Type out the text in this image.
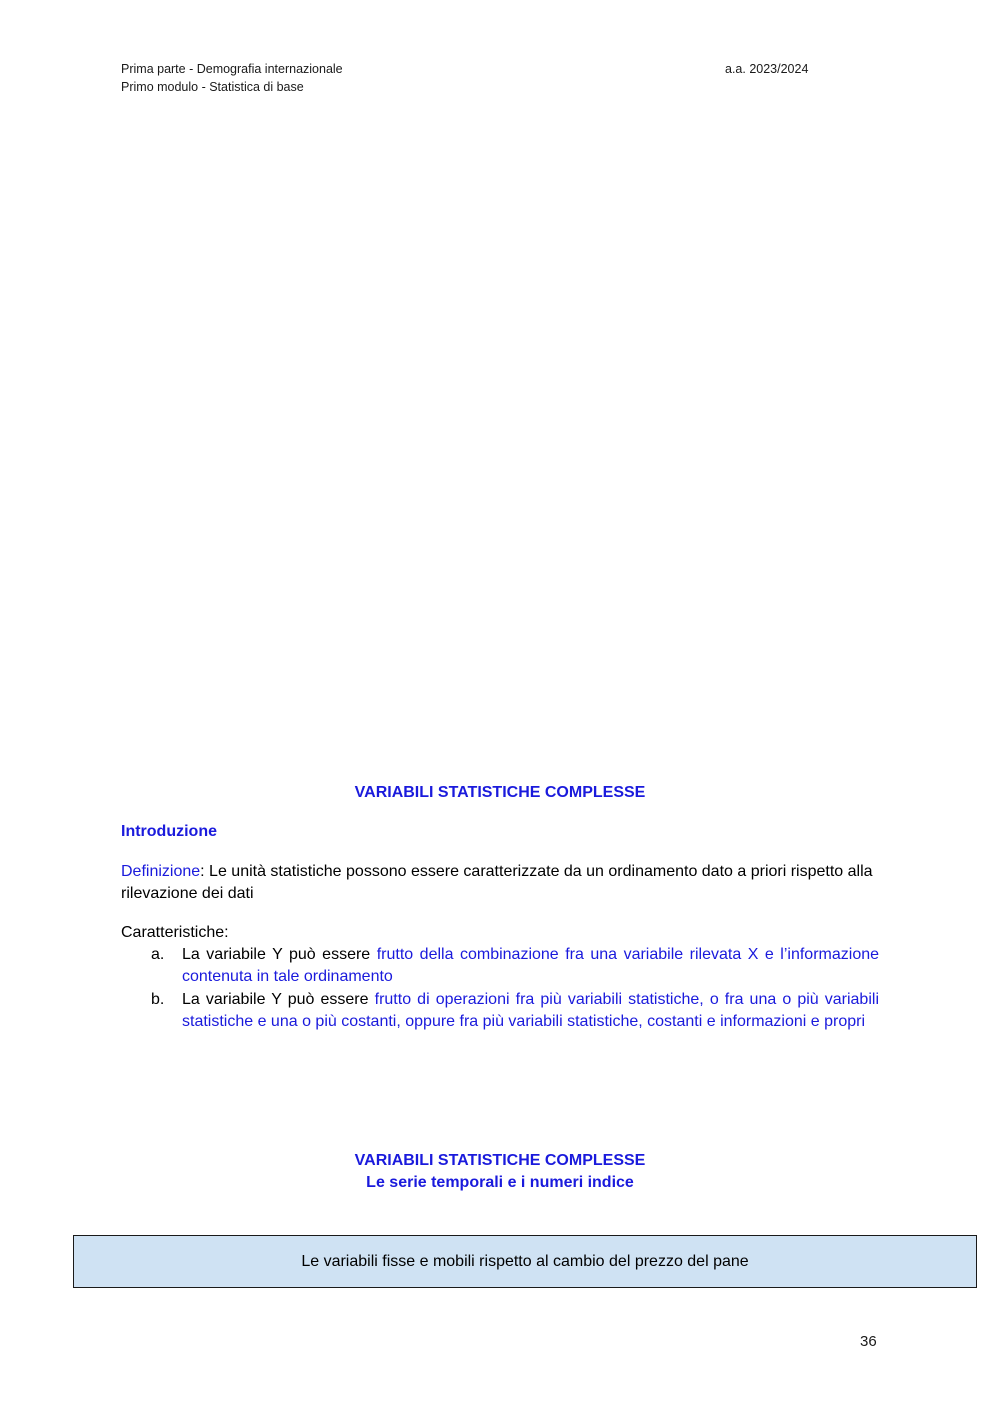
Prima parte - Demografia internazionale
Primo modulo - Statistica di base
a.a. 2023/2024
VARIABILI STATISTICHE COMPLESSE
Introduzione
Definizione: Le unità statistiche possono essere caratterizzate da un ordinamento dato a priori rispetto alla rilevazione dei dati
Caratteristiche:
a. La variabile Y può essere frutto della combinazione fra una variabile rilevata X e l’informazione contenuta in tale ordinamento
b. La variabile Y può essere frutto di operazioni fra più variabili statistiche, o fra una o più variabili statistiche e una o più costanti, oppure fra più variabili statistiche, costanti e informazioni e propri
VARIABILI STATISTICHE COMPLESSE
Le serie temporali e i numeri indice
Le variabili fisse e mobili rispetto al cambio del prezzo del pane
36
